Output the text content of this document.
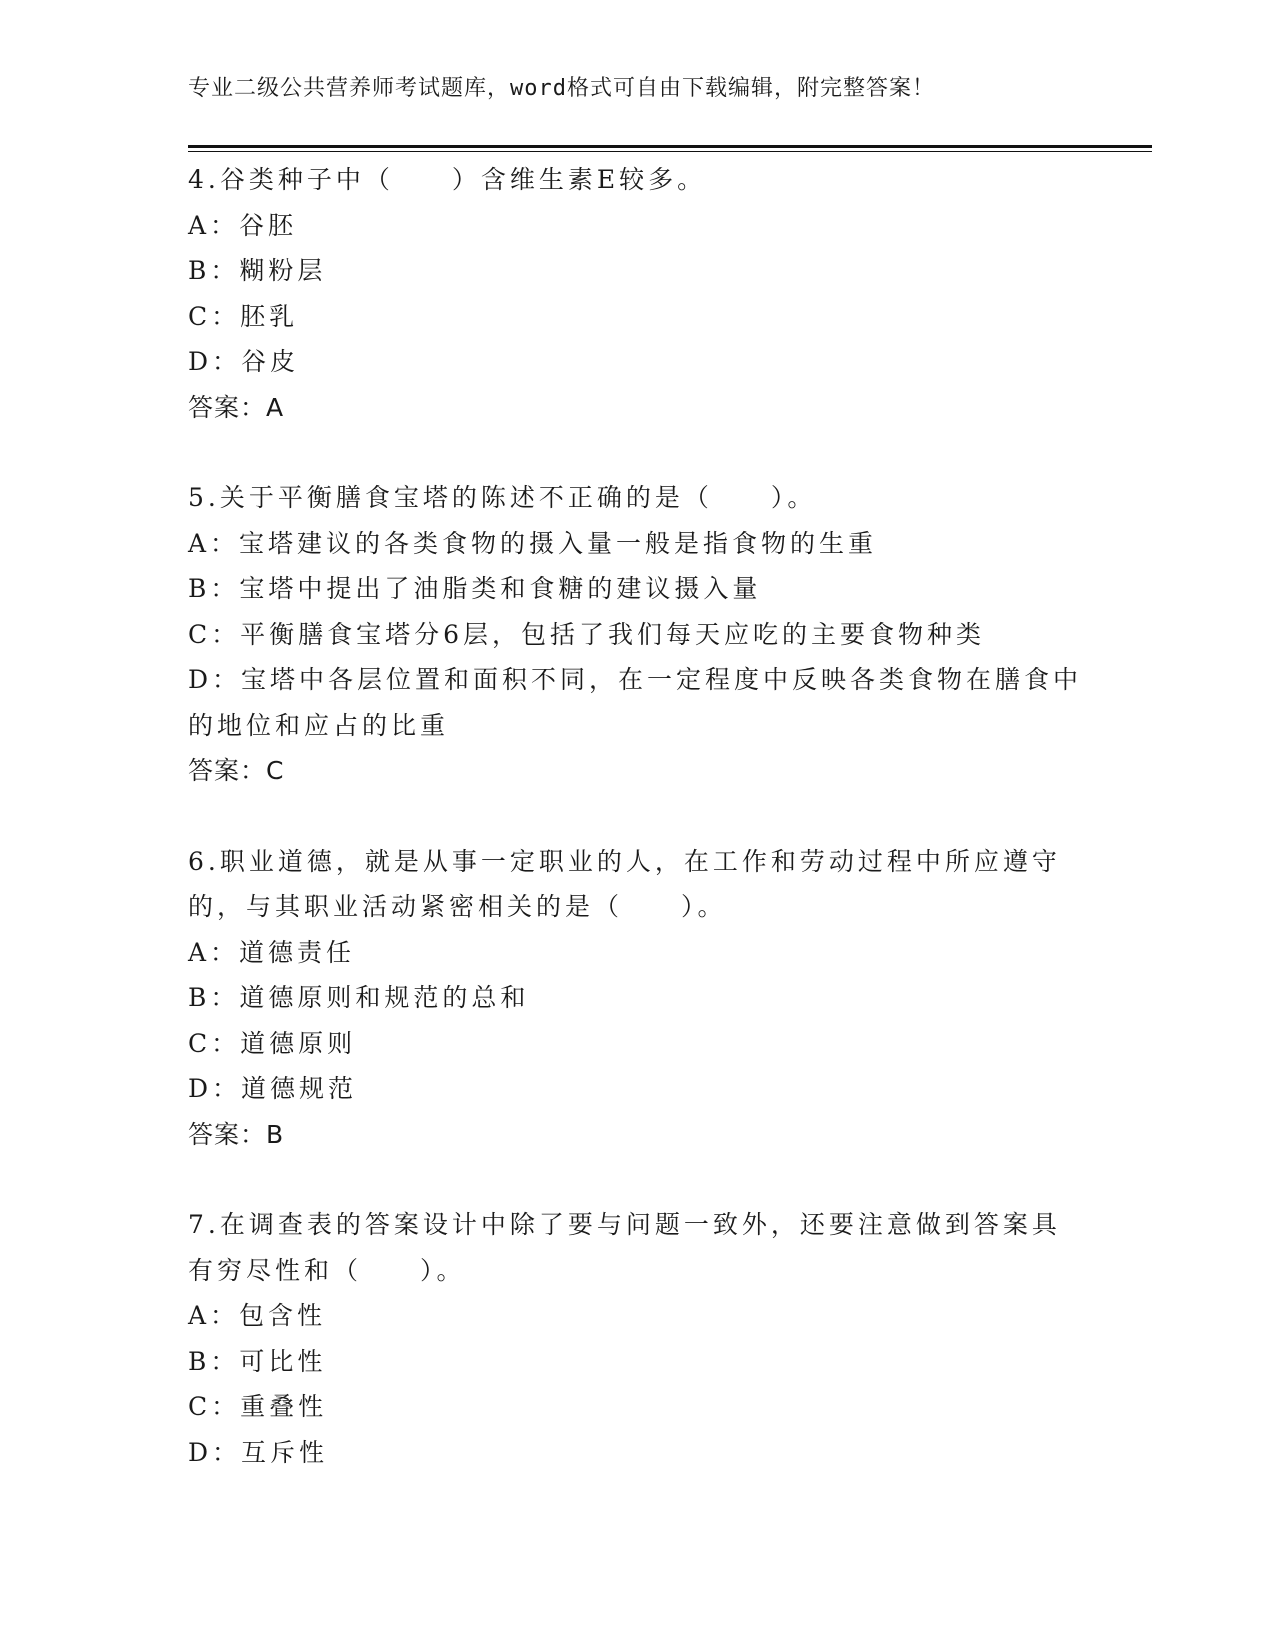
专业二级公共营养师考试题库，word格式可自由下载编辑，附完整答案！

4.谷类种子中（　　）含维生素E较多。

A：谷胚

B：糊粉层

C：胚乳

D：谷皮

答案：A

5.关于平衡膳食宝塔的陈述不正确的是（　　）。

A：宝塔建议的各类食物的摄入量一般是指食物的生重

B：宝塔中提出了油脂类和食糖的建议摄入量

C：平衡膳食宝塔分6层，包括了我们每天应吃的主要食物种类

D：宝塔中各层位置和面积不同，在一定程度中反映各类食物在膳食中

的地位和应占的比重

答案：C

6.职业道德，就是从事一定职业的人，在工作和劳动过程中所应遵守

的，与其职业活动紧密相关的是（　　）。

A：道德责任

B：道德原则和规范的总和

C：道德原则

D：道德规范

答案：B

7.在调查表的答案设计中除了要与问题一致外，还要注意做到答案具

有穷尽性和（　　）。

A：包含性

B：可比性

C：重叠性

D：互斥性
